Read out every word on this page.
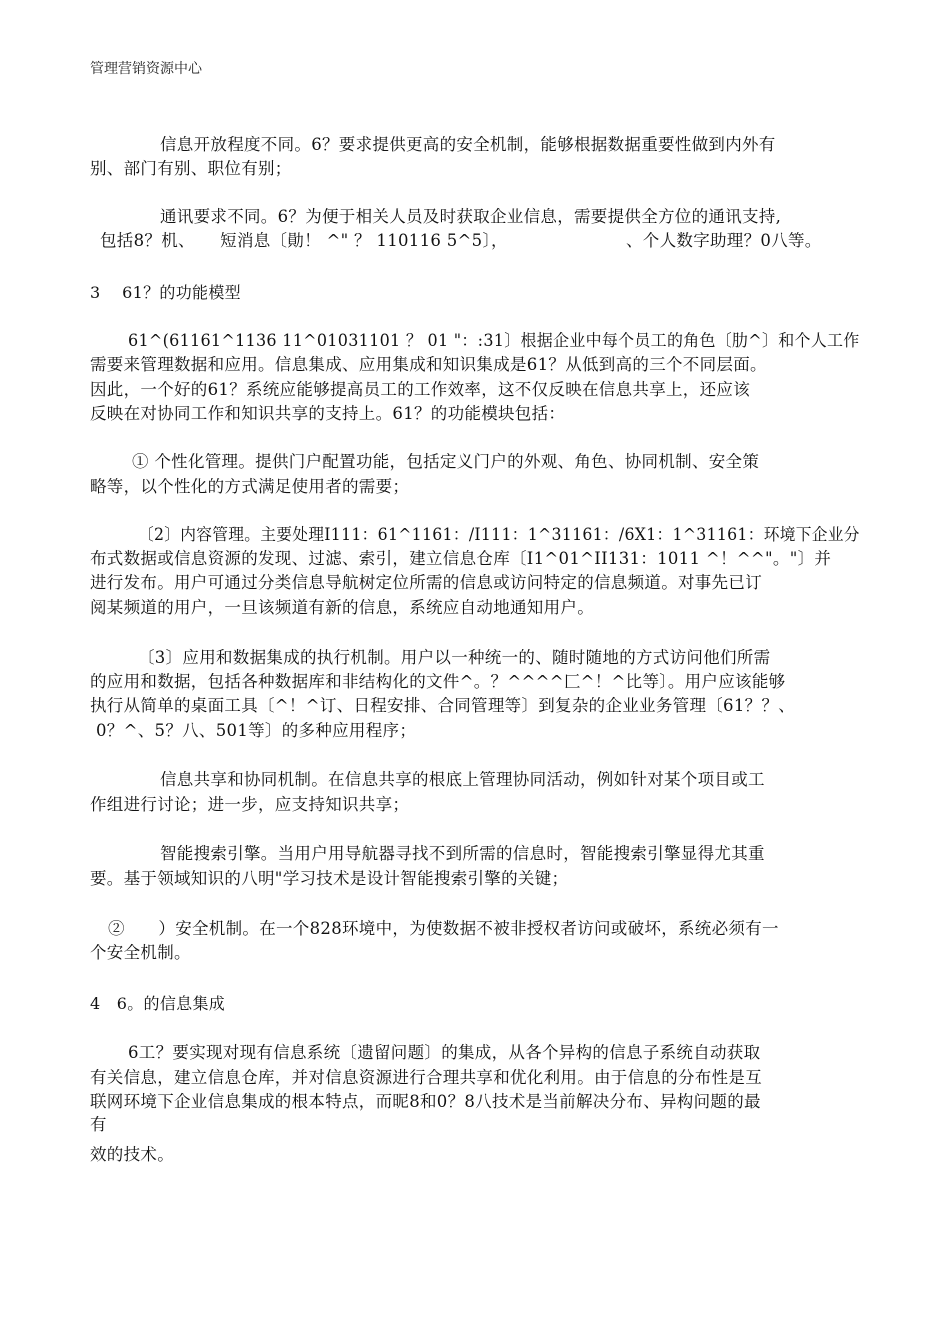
管理营销资源中心
信息开放程度不同。6？要求提供更高的安全机制，能够根据数据重要性做到内外有
别、部门有别、职位有别；
通讯要求不同。6？为便于相关人员及时获取企业信息，需要提供全方位的通讯支持,
包括8？机、　　短消息〔勛！ ^" ？ 110116 5^5〕，	、个人数字助理？0八等。
3　 61？的功能模型
61^(61161^1136 11^01031101 ？ 01 "：:31〕根据企业中每个员工的角色〔肋^〕和个人工作
需要来管理数据和应用。信息集成、应用集成和知识集成是61？从低到高的三个不同层面。
因此，一个好的61？系统应能够提高员工的工作效率，这不仅反映在信息共享上，还应该
反映在对协同工作和知识共享的支持上。61？的功能模块包括：
① 个性化管理。提供门户配置功能，包括定义门户的外观、角色、协同机制、安全策
略等，以个性化的方式满足使用者的需要；
〔2〕内容管理。主要处理I111：61^1161：/I111：1^31161：/6X1：1^31161：环境下企业分
布式数据或信息资源的发现、过滤、索引，建立信息仓库〔I1^01^II131：1011 ^！^^"。"〕并
进行发布。用户可通过分类信息导航树定位所需的信息或访问特定的信息频道。对事先已订
阅某频道的用户，一旦该频道有新的信息，系统应自动地通知用户。
〔3〕应用和数据集成的执行机制。用户以一种统一的、随时随地的方式访问他们所需
的应用和数据，包括各种数据库和非结构化的文件^。？^^^^匚^！^比等〕。用户应该能够
执行从简单的桌面工具〔^！^订、日程安排、合同管理等〕到复杂的企业业务管理〔61？？、
0？^、5？八、501等〕的多种应用程序；
信息共享和协同机制。在信息共享的根底上管理协同活动，例如针对某个项目或工
作组进行讨论；进一步，应支持知识共享；
智能搜索引擎。当用户用导航器寻找不到所需的信息时，智能搜索引擎显得尤其重
要。基于领域知识的八明"学习技术是设计智能搜索引擎的关键；
②　　）安全机制。在一个828环境中，为使数据不被非授权者访问或破坏，系统必须有一
个安全机制。
4　6。的信息集成
6工？要实现对现有信息系统〔遗留问题〕的集成，从各个异构的信息子系统自动获取
有关信息，建立信息仓库，并对信息资源进行合理共享和优化利用。由于信息的分布性是互
联网环境下企业信息集成的根本特点，而昵8和0？8八技术是当前解决分布、异构问题的最
有
效的技术。
